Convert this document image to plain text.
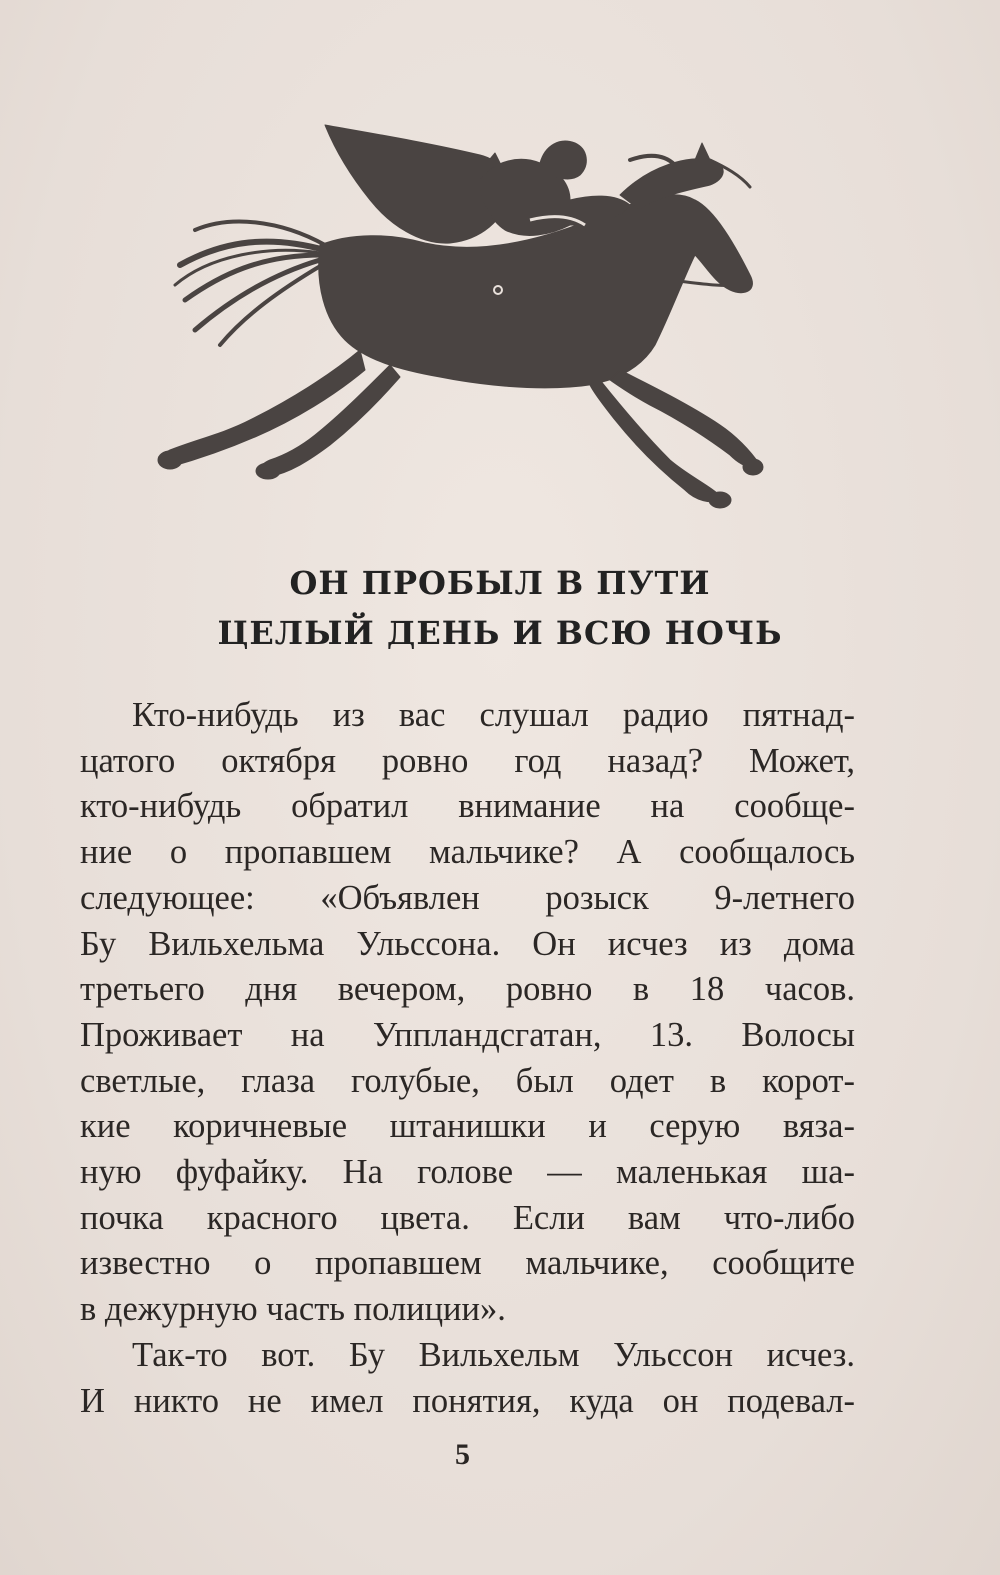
ОН ПРОБЫЛ В ПУТИ
ЦЕЛЫЙ ДЕНЬ И ВСЮ НОЧЬ
Кто-нибудь из вас слушал радио пятнад-
цатого октября ровно год назад? Может,
кто-нибудь обратил внимание на сообще-
ние о пропавшем мальчике? А сообщалось
следующее: «Объявлен розыск 9-летнего
Бу Вильхельма Ульссона. Он исчез из дома
третьего дня вечером, ровно в 18 часов.
Проживает на Упплaндсгатан, 13. Волосы
светлые, глаза голубые, был одет в корот-
кие коричневые штанишки и серую вяза-
ную фуфайку. На голове — маленькая ша-
почка красного цвета. Если вам что-либо
известно о пропавшем мальчике, сообщите
в дежурную часть полиции».
Так-то вот. Бу Вильхельм Ульссон исчез.
И никто не имел понятия, куда он подевал-
5
